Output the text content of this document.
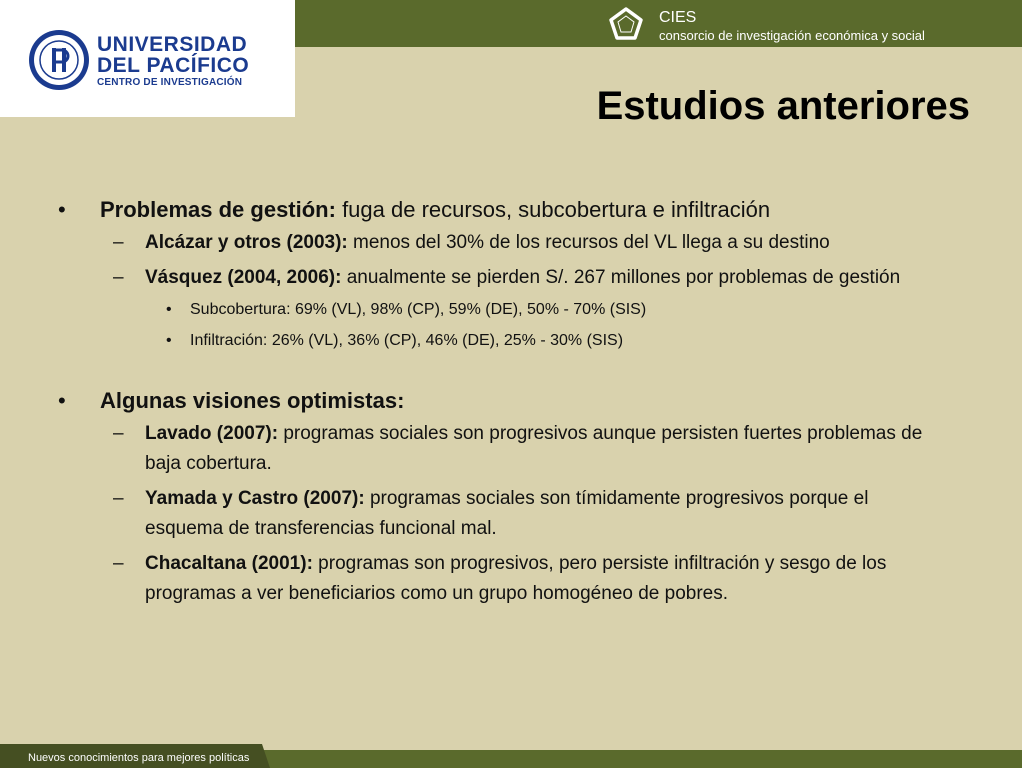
UNIVERSIDAD
DEL PACÍFICO
CENTRO DE INVESTIGACIÓN
CIES
consorcio de investigación económica y social
Estudios anteriores

• Problemas de gestión: fuga de recursos, subcobertura e infiltración

– Alcázar y otros (2003): menos del 30% de los recursos del VL llega a su destino

– Vásquez (2004, 2006): anualmente se pierden S/. 267 millones por problemas de gestión

• Subcobertura: 69% (VL), 98% (CP), 59% (DE), 50% - 70% (SIS)

• Infiltración: 26% (VL), 36% (CP), 46% (DE), 25% - 30% (SIS)

• Algunas visiones optimistas:

– Lavado (2007): programas sociales son progresivos aunque persisten fuertes problemas de baja cobertura.

– Yamada y Castro (2007): programas sociales son tímidamente progresivos porque el esquema de transferencias funcional mal.

– Chacaltana (2001): programas son progresivos, pero persiste infiltración y sesgo de los programas a ver beneficiarios como un grupo homogéneo de pobres.

Nuevos conocimientos para mejores políticas
